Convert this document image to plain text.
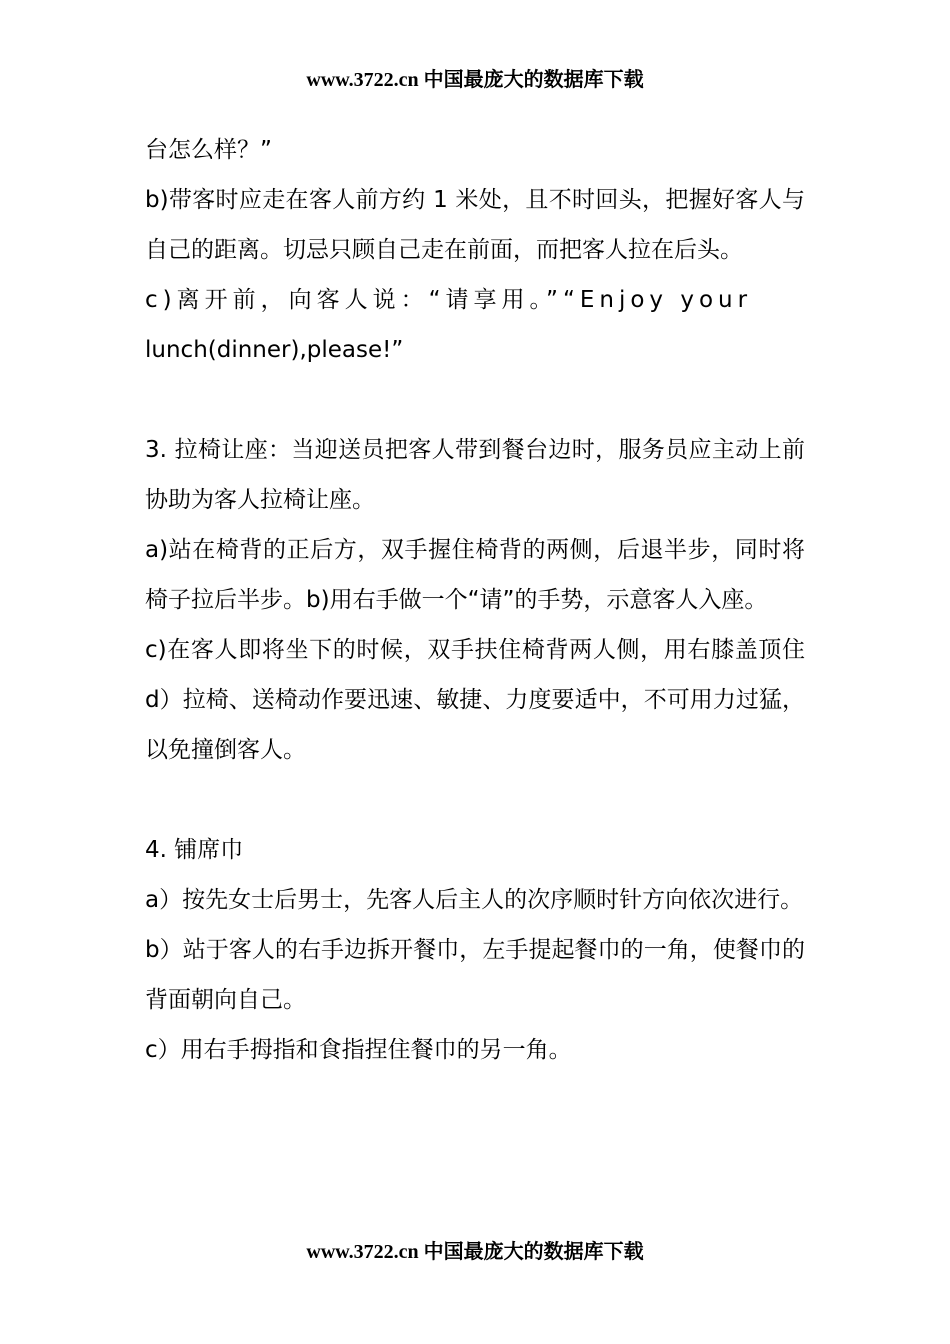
www.3722.cn 中国最庞大的数据库下载

台怎么样？”

b)带客时应走在客人前方约 1 米处，且不时回头，把握好客人与自己的距离。切忌只顾自己走在前面，而把客人拉在后头。

c)离开前，向客人说：“请享用。”“Enjoy your

lunch(dinner),please!”

3. 拉椅让座：当迎送员把客人带到餐台边时，服务员应主动上前协助为客人拉椅让座。

a)站在椅背的正后方，双手握住椅背的两侧，后退半步，同时将椅子拉后半步。b)用右手做一个“请”的手势，示意客人入座。

c)在客人即将坐下的时候，双手扶住椅背两人侧，用右膝盖顶住 d）拉椅、送椅动作要迅速、敏捷、力度要适中，不可用力过猛，以免撞倒客人。

4. 铺席巾

a）按先女士后男士，先客人后主人的次序顺时针方向依次进行。

b）站于客人的右手边拆开餐巾，左手提起餐巾的一角，使餐巾的背面朝向自己。

c）用右手拇指和食指捏住餐巾的另一角。

www.3722.cn 中国最庞大的数据库下载
